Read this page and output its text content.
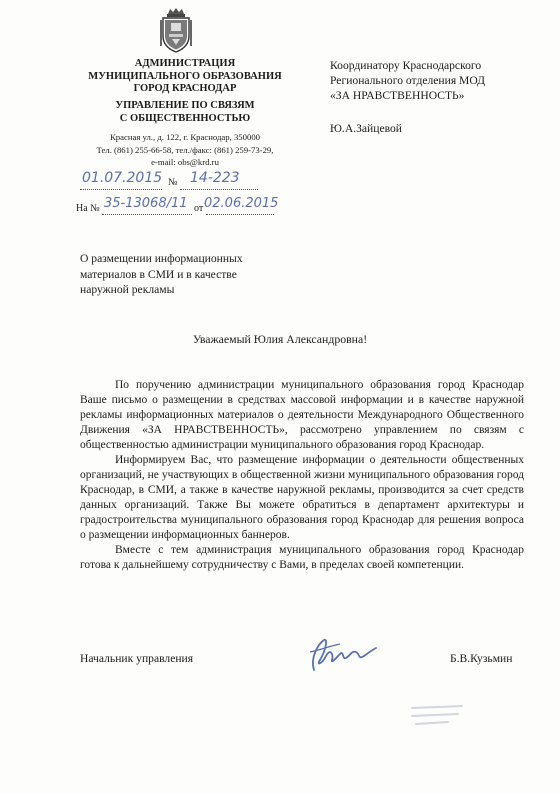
АДМИНИСТРАЦИЯ
МУНИЦИПАЛЬНОГО ОБРАЗОВАНИЯ
ГОРОД КРАСНОДАР
УПРАВЛЕНИЕ ПО СВЯЗЯМ
С ОБЩЕСТВЕННОСТЬЮ
Красная ул., д. 122, г. Краснодар, 350000
Тел. (861) 255-66-58, тел./факс: (861) 259-73-29,
e-mail: obs@krd.ru
01.07.2015 № 14-223
На № 35-13068/11 от 02.06.2015
Координатору Краснодарского
Регионального отделения МОД
«ЗА НРАВСТВЕННОСТЬ»
Ю.А.Зайцевой
О размещении информационных
материалов в СМИ и в качестве
наружной рекламы
Уважаемый Юлия Александровна!

По поручению администрации муниципального образования город Краснодар Ваше письмо о размещении в средствах массовой информации и в качестве наружной рекламы информационных материалов о деятельности Международного Общественного Движения «ЗА НРАВСТВЕННОСТЬ», рассмотрено управлением по связям с общественностью администрации муниципального образования город Краснодар.

Информируем Вас, что размещение информации о деятельности общественных организаций, не участвующих в общественной жизни муниципального образования город Краснодар, в СМИ, а также в качестве наружной рекламы, производится за счет средств данных организаций. Также Вы можете обратиться в департамент архитектуры и градостроительства муниципального образования город Краснодар для решения вопроса о размещении информационных баннеров.

Вместе с тем администрация муниципального образования город Краснодар готова к дальнейшему сотрудничеству с Вами, в пределах своей компетенции.

Начальник управления	Б.В.Кузьмин
